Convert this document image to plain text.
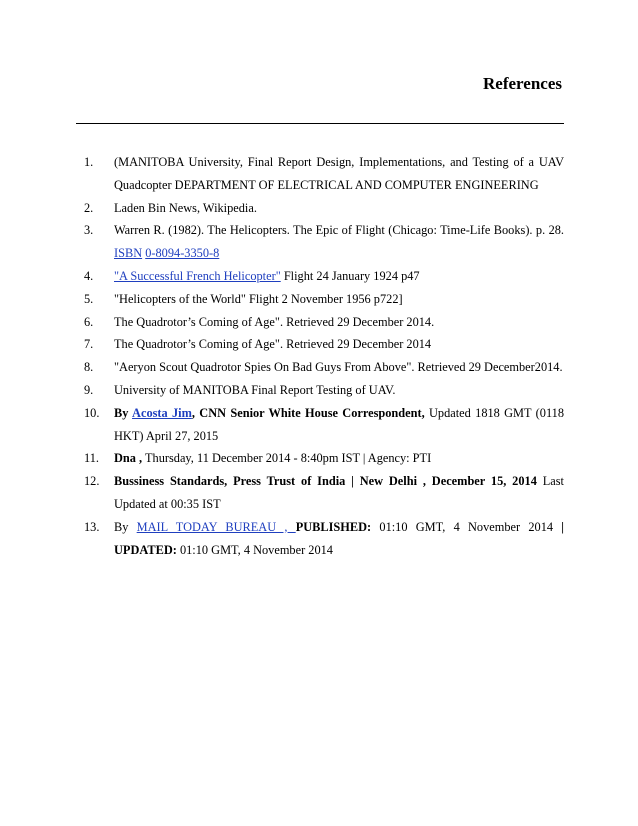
References
1. (MANITOBA University, Final Report Design, Implementations, and Testing of a UAV Quadcopter DEPARTMENT OF ELECTRICAL AND COMPUTER ENGINEERING
2. Laden Bin News, Wikipedia.
3. Warren R. (1982). The Helicopters. The Epic of Flight (Chicago: Time-Life Books). p. 28. ISBN 0-8094-3350-8
4. "A Successful French Helicopter" Flight 24 January 1924 p47
5. "Helicopters of the World" Flight 2 November 1956 p722]
6. The Quadrotor’s Coming of Age". Retrieved 29 December 2014.
7. The Quadrotor’s Coming of Age". Retrieved 29 December 2014
8. "Aeryon Scout Quadrotor Spies On Bad Guys From Above". Retrieved 29 December2014.
9. University of MANITOBA Final Report Testing of UAV.
10. By Acosta Jim, CNN Senior White House Correspondent, Updated 1818 GMT (0118 HKT) April 27, 2015
11. Dna , Thursday, 11 December 2014 - 8:40pm IST | Agency: PTI
12. Bussiness Standards, Press Trust of India | New Delhi , December 15, 2014 Last Updated at 00:35 IST
13. By MAIL TODAY BUREAU , PUBLISHED: 01:10 GMT, 4 November 2014 | UPDATED: 01:10 GMT, 4 November 2014
